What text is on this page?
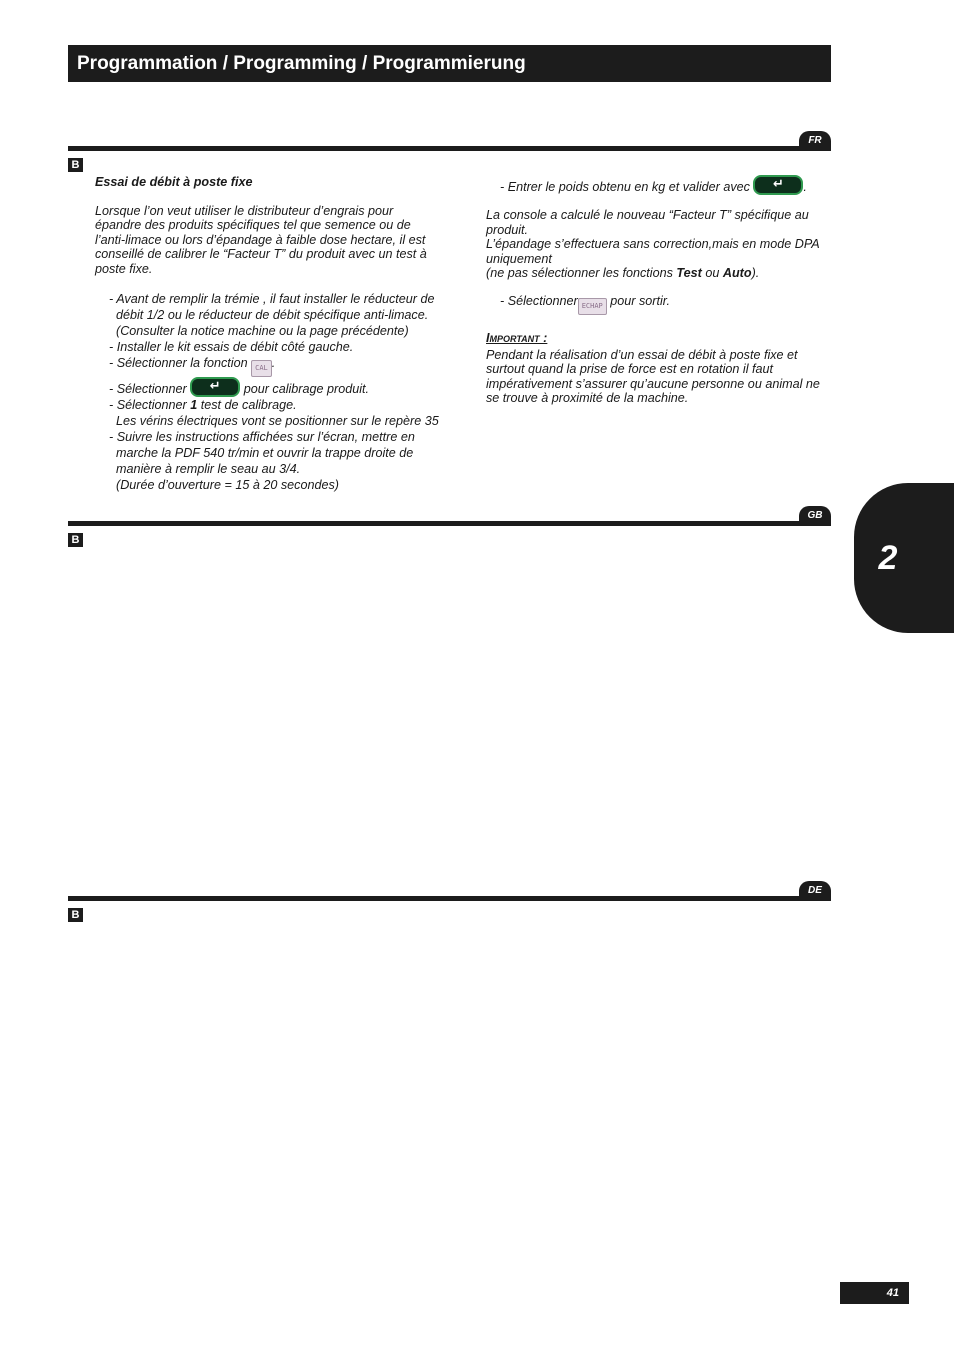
Programmation / Programming / Programmierung
FR
B

Essai de débit à poste fixe

Lorsque l’on veut utiliser le distributeur d’engrais pour épandre des produits spécifiques tel que semence ou de l’anti-limace ou lors d’épandage à faible dose hectare, il est conseillé de calibrer le “Facteur T” du produit avec un test à poste fixe.

- Avant de remplir la trémie , il faut installer le réducteur de débit 1/2 ou le réducteur de débit spécifique anti-limace. (Consulter la notice machine ou la page précédente)
- Installer le kit essais de débit côté gauche.
- Sélectionner la fonction CAL .
- Sélectionner ↵	pour calibrage produit.
- Sélectionner 1 test de calibrage.
Les vérins électriques vont se positionner sur le repère 35
- Suivre les instructions affichées sur l’écran, mettre en marche la PDF 540 tr/min et ouvrir la trappe droite de manière à remplir le seau au 3/4.
(Durée d’ouverture = 15 à 20 secondes)

- Entrer le poids obtenu en kg et valider avec ↵	.

La console a calculé le nouveau “Facteur T” spécifique au produit.

L’épandage s’effectuera sans correction,mais en mode DPA uniquement

(ne pas sélectionner les fonctions Test ou Auto).

- Sélectionner ECHAP pour sortir.

Important :

Pendant la réalisation d’un essai de débit à poste fixe et surtout quand la prise de force est en rotation il faut impérativement s’assurer qu’aucune personne ou animal ne se trouve à proximité de la machine.

GB
B
DE
B
2
41
